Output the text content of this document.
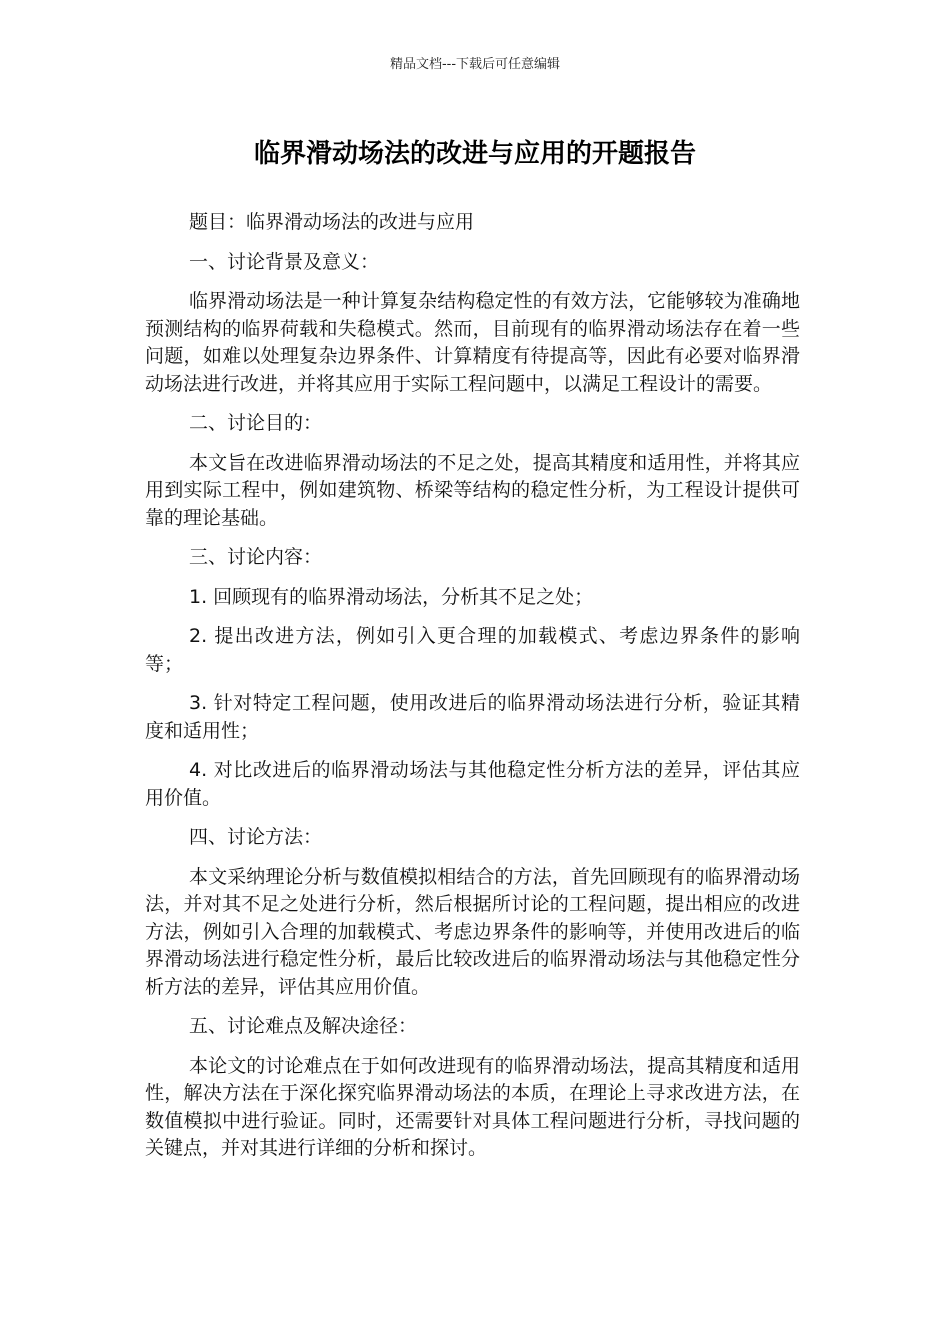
精品文档---下载后可任意编辑
临界滑动场法的改进与应用的开题报告

题目：临界滑动场法的改进与应用

一、讨论背景及意义：

临界滑动场法是一种计算复杂结构稳定性的有效方法，它能够较为准确地预测结构的临界荷载和失稳模式。然而，目前现有的临界滑动场法存在着一些问题，如难以处理复杂边界条件、计算精度有待提高等，因此有必要对临界滑动场法进行改进，并将其应用于实际工程问题中，以满足工程设计的需要。

二、讨论目的：

本文旨在改进临界滑动场法的不足之处，提高其精度和适用性，并将其应用到实际工程中，例如建筑物、桥梁等结构的稳定性分析，为工程设计提供可靠的理论基础。

三、讨论内容：

1. 回顾现有的临界滑动场法，分析其不足之处；

2. 提出改进方法，例如引入更合理的加载模式、考虑边界条件的影响等；

3. 针对特定工程问题，使用改进后的临界滑动场法进行分析，验证其精度和适用性；

4. 对比改进后的临界滑动场法与其他稳定性分析方法的差异，评估其应用价值。

四、讨论方法：

本文采纳理论分析与数值模拟相结合的方法，首先回顾现有的临界滑动场法，并对其不足之处进行分析，然后根据所讨论的工程问题，提出相应的改进方法，例如引入合理的加载模式、考虑边界条件的影响等，并使用改进后的临界滑动场法进行稳定性分析，最后比较改进后的临界滑动场法与其他稳定性分析方法的差异，评估其应用价值。

五、讨论难点及解决途径：

本论文的讨论难点在于如何改进现有的临界滑动场法，提高其精度和适用性，解决方法在于深化探究临界滑动场法的本质，在理论上寻求改进方法，在数值模拟中进行验证。同时，还需要针对具体工程问题进行分析，寻找问题的关键点，并对其进行详细的分析和探讨。
